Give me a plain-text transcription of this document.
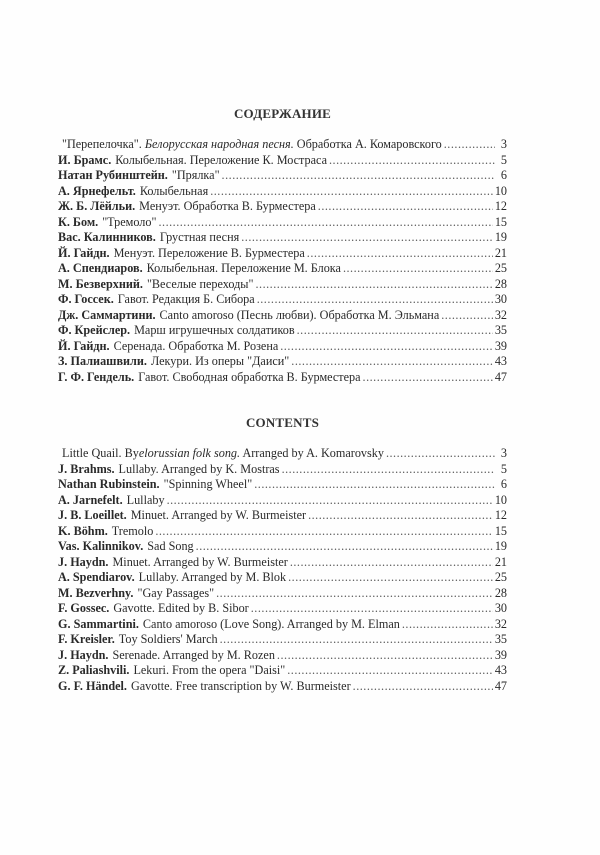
СОДЕРЖАНИЕ
"Перепелочка". Белорусская народная песня. Обработка А. Комаровского .....	3
И. Брамс. Колыбельная. Переложение К. Мостраса .....	5
Натан Рубинштейн. "Прялка" .....	6
А. Ярнефельт. Колыбельная .....	10
Ж. Б. Лёйльи. Менуэт. Обработка В. Бурместера .....	12
К. Бом. "Тремоло" .....	15
Вас. Калинников. Грустная песня .....	19
Й. Гайдн. Менуэт. Переложение В. Бурместера .....	21
А. Спендиаров. Колыбельная. Переложение М. Блока .....	25
М. Безверхний. "Веселые переходы" .....	28
Ф. Госсек. Гавот. Редакция Б. Сибора .....	30
Дж. Саммартини. Canto amoroso (Песнь любви). Обработка М. Эльмана .....	32
Ф. Крейслер. Марш игрушечных солдатиков .....	35
Й. Гайдн. Серенада. Обработка М. Розена .....	39
З. Палиашвили. Лекури. Из оперы "Даиси" .....	43
Г. Ф. Гендель. Гавот. Свободная обработка В. Бурместера .....	47
CONTENTS
Little Quail. By elorussian folk song. Arranged by A. Komarovsky .....	3
J. Brahms. Lullaby. Arranged by K. Mostras .....	5
Nathan Rubinstein. "Spinning Wheel" .....	6
A. Jarnefelt. Lullaby .....	10
J. B. Loeillet. Minuet. Arranged by W. Burmeister .....	12
K. Böhm. Tremolo .....	15
Vas. Kalinnikov. Sad Song .....	19
J. Haydn. Minuet. Arranged by W. Burmeister .....	21
A. Spendiarov. Lullaby. Arranged by M. Blok .....	25
M. Bezverhny. "Gay Passages" .....	28
F. Gossec. Gavotte. Edited by B. Sibor .....	30
G. Sammartini. Canto amoroso (Love Song). Arranged by M. Elman .....	32
F. Kreisler. Toy Soldiers' March .....	35
J. Haydn. Serenade. Arranged by M. Rozen .....	39
Z. Paliashvili. Lekuri. From the opera "Daisi" .....	43
G. F. Händel. Gavotte. Free transcription by W. Burmeister .....	47
